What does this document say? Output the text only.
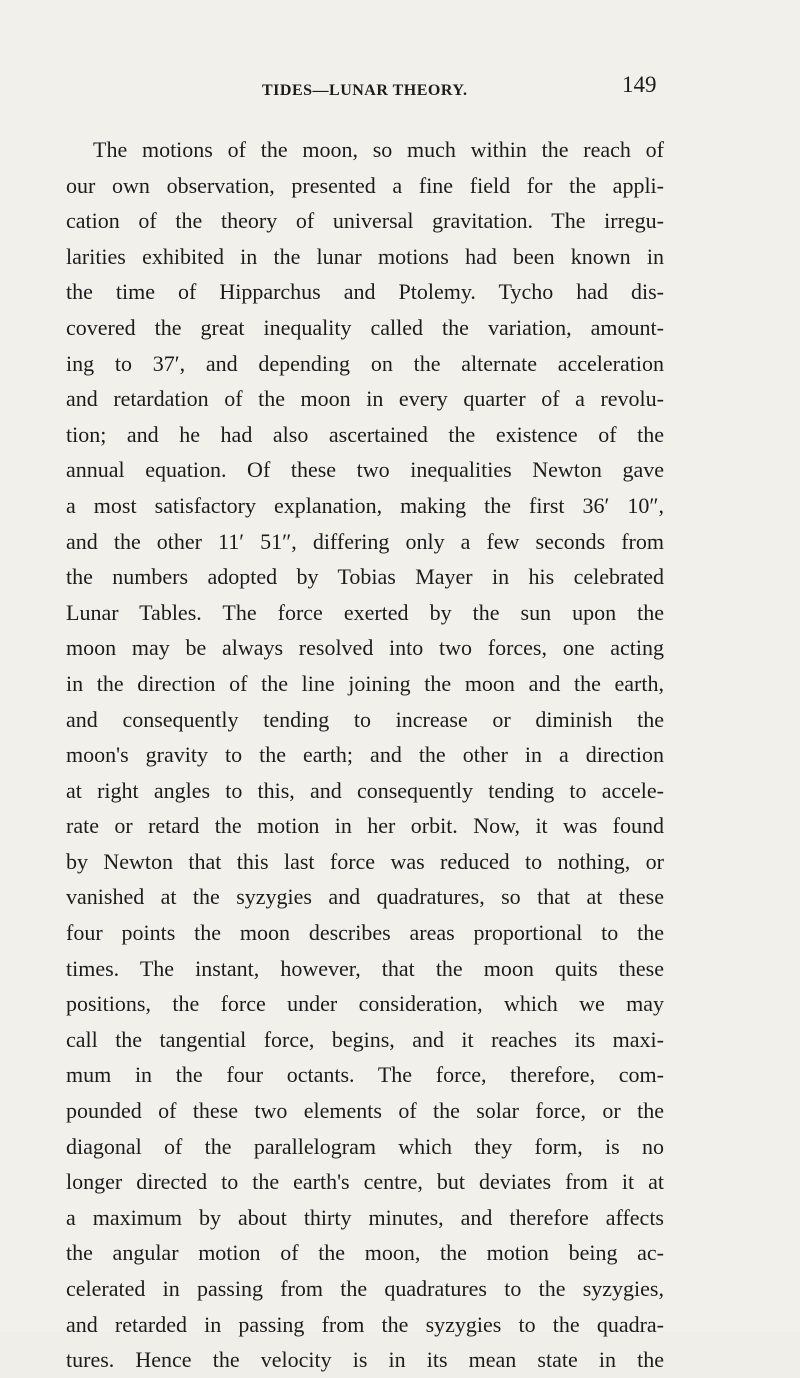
TIDES—LUNAR THEORY.	149
The motions of the moon, so much within the reach of
our own observation, presented a fine field for the appli-
cation of the theory of universal gravitation. The irregu-
larities exhibited in the lunar motions had been known in
the time of Hipparchus and Ptolemy. Tycho had dis-
covered the great inequality called the variation, amount-
ing to 37′, and depending on the alternate acceleration
and retardation of the moon in every quarter of a revolu-
tion; and he had also ascertained the existence of the
annual equation. Of these two inequalities Newton gave
a most satisfactory explanation, making the first 36′ 10″,
and the other 11′ 51″, differing only a few seconds from
the numbers adopted by Tobias Mayer in his celebrated
Lunar Tables. The force exerted by the sun upon the
moon may be always resolved into two forces, one acting
in the direction of the line joining the moon and the earth,
and consequently tending to increase or diminish the
moon's gravity to the earth; and the other in a direction
at right angles to this, and consequently tending to accele-
rate or retard the motion in her orbit. Now, it was found
by Newton that this last force was reduced to nothing, or
vanished at the syzygies and quadratures, so that at these
four points the moon describes areas proportional to the
times. The instant, however, that the moon quits these
positions, the force under consideration, which we may
call the tangential force, begins, and it reaches its maxi-
mum in the four octants. The force, therefore, com-
pounded of these two elements of the solar force, or the
diagonal of the parallelogram which they form, is no
longer directed to the earth's centre, but deviates from it at
a maximum by about thirty minutes, and therefore affects
the angular motion of the moon, the motion being ac-
celerated in passing from the quadratures to the syzygies,
and retarded in passing from the syzygies to the quadra-
tures. Hence the velocity is in its mean state in the
